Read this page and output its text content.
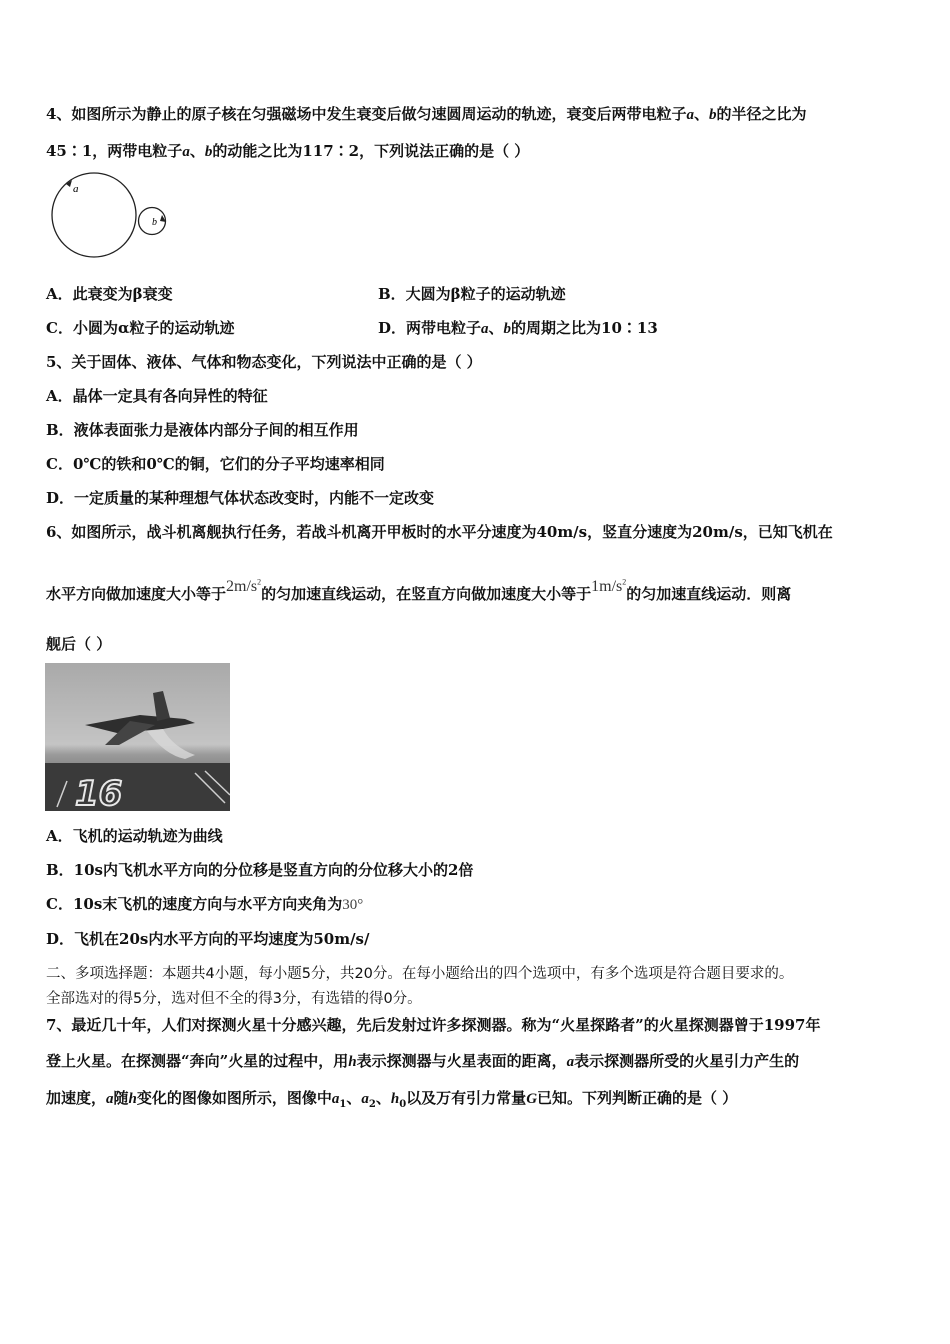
4、如图所示为静止的原子核在匀强磁场中发生衰变后做匀速圆周运动的轨迹，衰变后两带电粒子a、b的半径之比为
45∶1，两带电粒子a、b的动能之比为117∶2，下列说法正确的是（ ）
a
b
A．此衰变为β衰变	B．大圆为β粒子的运动轨迹
C．小圆为α粒子的运动轨迹	D．两带电粒子a、b的周期之比为10∶13
5、关于固体、液体、气体和物态变化，下列说法中正确的是（ ）
A．晶体一定具有各向异性的特征
B．液体表面张力是液体内部分子间的相互作用
C．0℃的铁和0℃的铜，它们的分子平均速率相同
D．一定质量的某种理想气体状态改变时，内能不一定改变
6、如图所示，战斗机离舰执行任务，若战斗机离开甲板时的水平分速度为40m/s，竖直分速度为20m/s，已知飞机在
水平方向做加速度大小等于$2m/s^2$的匀加速直线运动，在竖直方向做加速度大小等于$1m/s^2$的匀加速直线运动．则离
舰后（ ）
16
A．飞机的运动轨迹为曲线
B．10s内飞机水平方向的分位移是竖直方向的分位移大小的2倍
C．10s末飞机的速度方向与水平方向夹角为30°
D．飞机在20s内水平方向的平均速度为50m/s/
二、多项选择题：本题共4小题，每小题5分，共20分。在每小题给出的四个选项中，有多个选项是符合题目要求的。
全部选对的得5分，选对但不全的得3分，有选错的得0分。
7、最近几十年，人们对探测火星十分感兴趣，先后发射过许多探测器。称为“火星探路者”的火星探测器曾于1997年
登上火星。在探测器“奔向”火星的过程中，用h表示探测器与火星表面的距离，a表示探测器所受的火星引力产生的
加速度，a随h变化的图像如图所示，图像中$a_1$、$a_2$、$h_0$以及万有引力常量G已知。下列判断正确的是（ ）
